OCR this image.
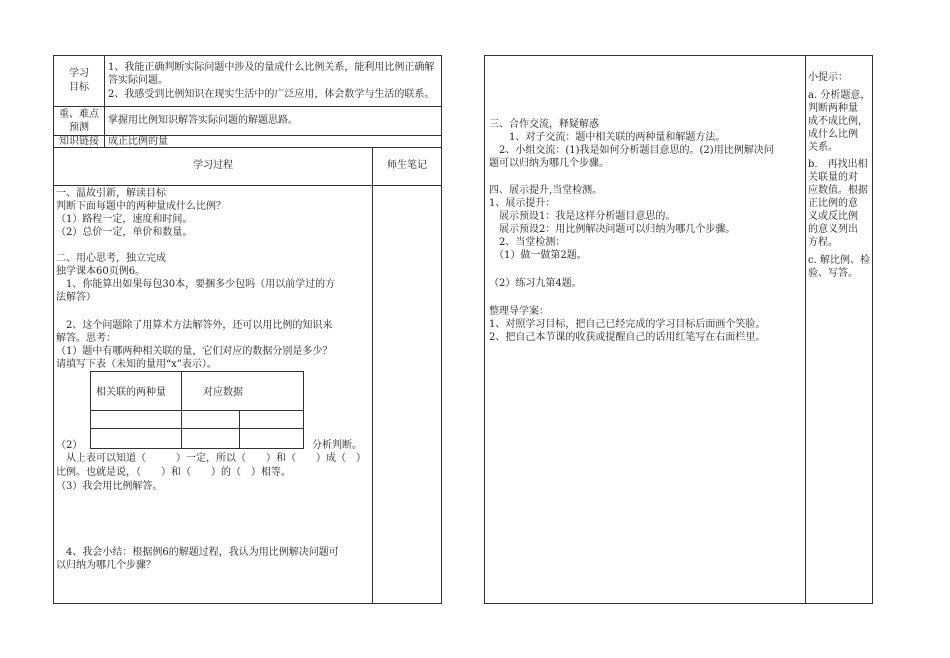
学习
目标
1、我能正确判断实际问题中涉及的量成什么比例关系，能利用比例正确解
答实际问题。
2、我感受到比例知识在现实生活中的广泛应用，体会数学与生活的联系。
重、难点
预测
掌握用比例知识解答实际问题的解题思路。
知识链接 成正比例的量
学习过程	师生笔记
一、温故引新，解读目标
判断下面每题中的两种量成什么比例？
（1）路程一定，速度和时间。
（2）总价一定，单价和数量。
二、用心思考，独立完成
独学课本60页例6。
　1、你能算出如果每包30本，要捆多少包吗（用以前学过的方
法解答）
　2、这个问题除了用算术方法解答外，还可以用比例的知识来
解答。思考：
（1）题中有哪两种相关联的量，它们对应的数据分别是多少？
请填写下表（未知的量用“x”表示）。
相关联的两种量	对应数据
（2）	分析判断。
　从上表可以知道（　　　）一定，所以（　　）和（　　）成（　）
比例。也就是说，（　　）和（　　）的（　）相等。
（3）我会用比例解答。
　4、我会小结：根据例6的解题过程，我认为用比例解决问题可
以归纳为哪几个步骤？
三、合作交流，释疑解惑
　　1、对子交流：题中相关联的两种量和解题方法。
　2、小组交流：(1)我是如何分析题目意思的。(2)用比例解决问
题可以归纳为哪几个步骤。
四、展示提升,当堂检测。
1、展示提升：
　展示预设1：我是这样分析题目意思的。
　展示预设2：用比例解决问题可以归纳为哪几个步骤。
　2、当堂检测：
　（1）做一做第2题。
（2）练习九第4题。
整理导学案：
1、对照学习目标，把自己已经完成的学习目标后面画个笑脸。
2、把自己本节课的收获或提醒自己的话用红笔写在右面栏里。
小提示：
a. 分析题意，
判断两种量
成不成比例，
成什么比例
关系。
b.　再找出相
关联量的对
应数值。根据
正比例的意
义或反比例
的意义列出
方程。
c. 解比例、检
验、写答。
